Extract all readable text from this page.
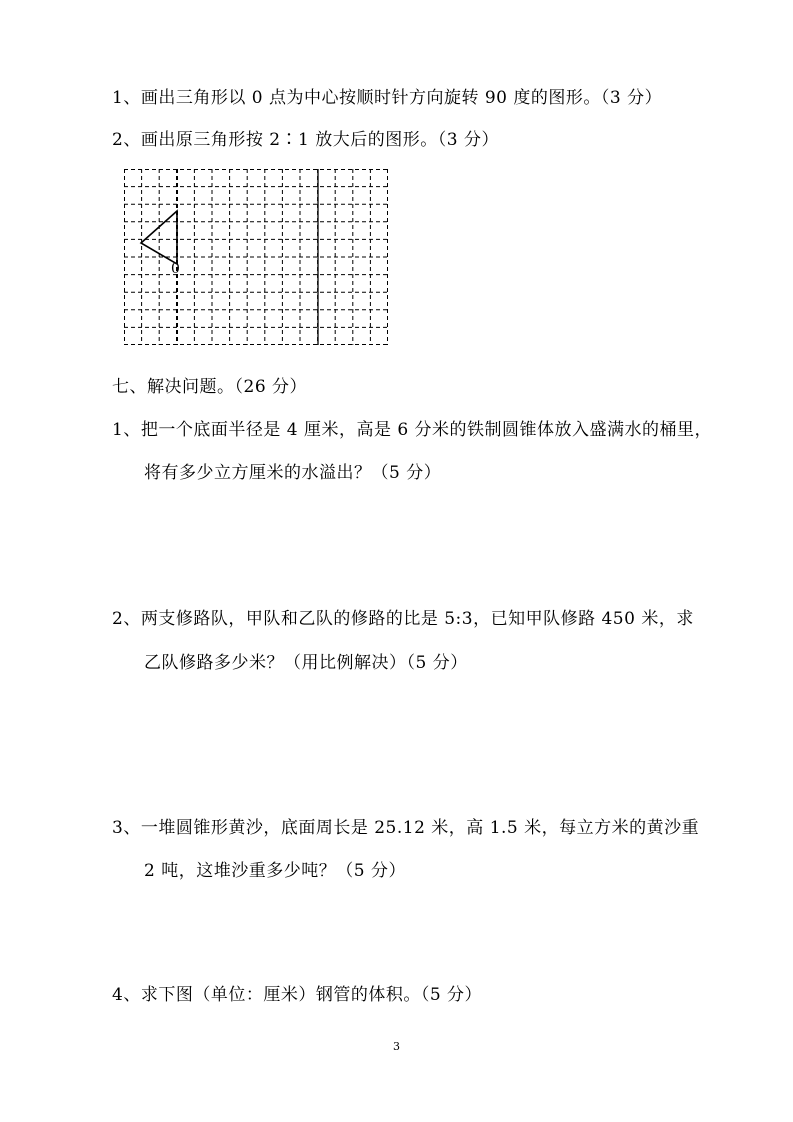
1、画出三角形以 0 点为中心按顺时针方向旋转 90 度的图形。（3 分）
2、画出原三角形按 2∶1 放大后的图形。（3 分）
0
七、解决问题。（26 分）
1、把一个底面半径是 4 厘米，高是 6 分米的铁制圆锥体放入盛满水的桶里，
将有多少立方厘米的水溢出？（5 分）
2、两支修路队，甲队和乙队的修路的比是 5:3，已知甲队修路 450 米，求
乙队修路多少米？（用比例解决）（5 分）
3、一堆圆锥形黄沙，底面周长是 25.12 米，高 1.5 米，每立方米的黄沙重
2 吨，这堆沙重多少吨？（5 分）
4、求下图（单位：厘米）钢管的体积。（5 分）
3
